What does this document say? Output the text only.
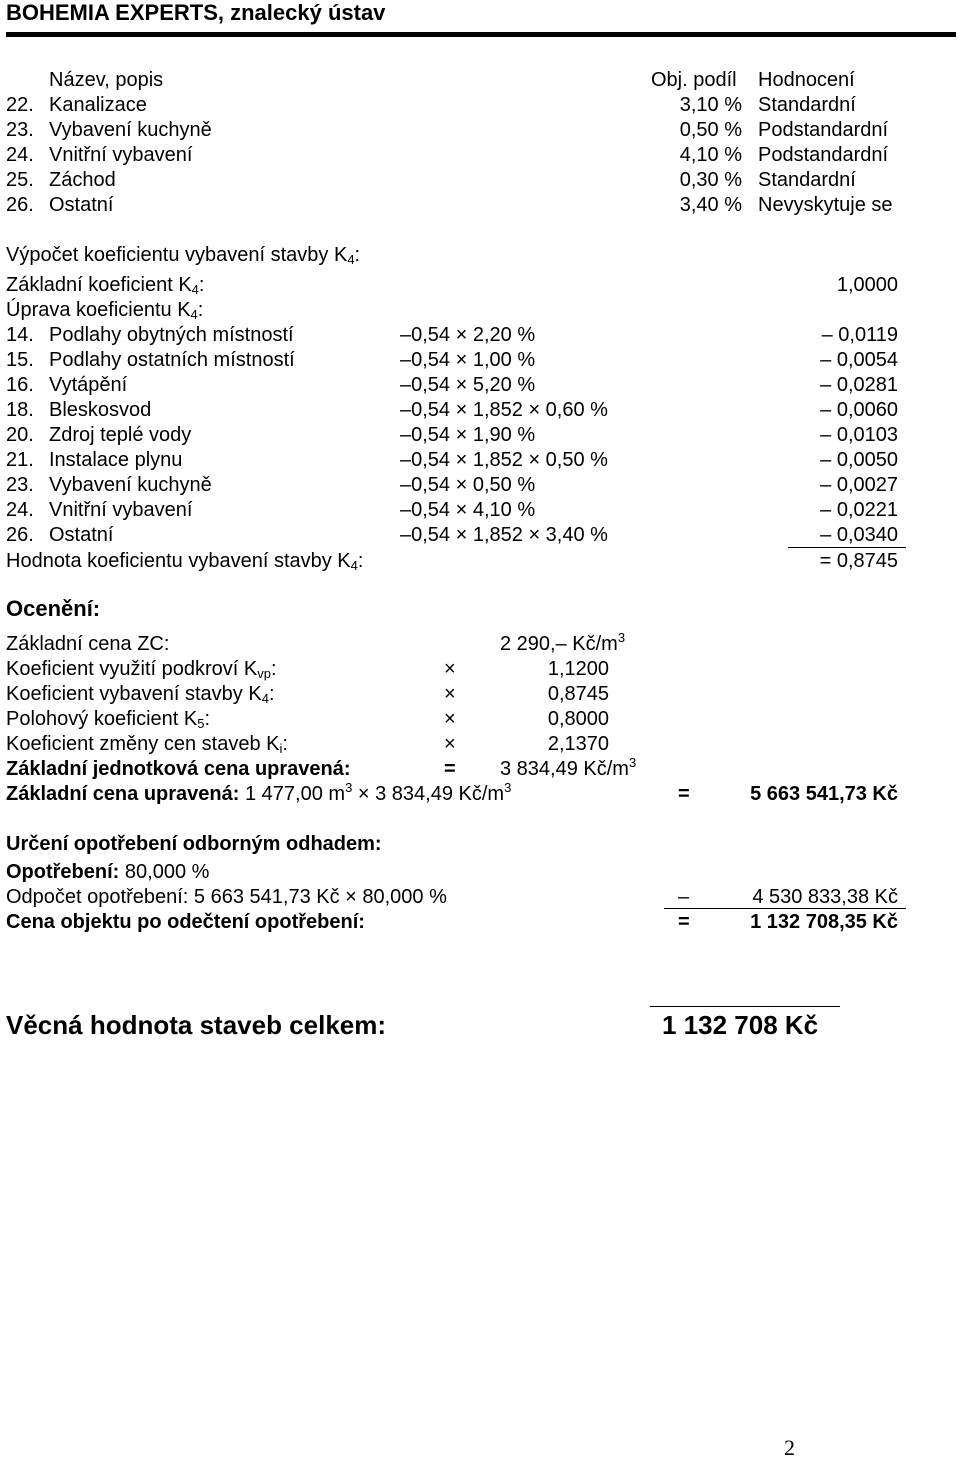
BOHEMIA EXPERTS, znalecký ústav
Název, popis	Obj. podíl Hodnocení
22. Kanalizace	3,10 % Standardní
23. Vybavení kuchyně	0,50 % Podstandardní
24. Vnitřní vybavení	4,10 % Podstandardní
25. Záchod	0,30 % Standardní
26. Ostatní	3,40 % Nevyskytuje se
Výpočet koeficientu vybavení stavby $K_4$:
Základní koeficient $K_4$:	1,0000
Úprava koeficientu $K_4$:
14. Podlahy obytných místností	–0,54 × 2,20 %	– 0,0119
15. Podlahy ostatních místností	–0,54 × 1,00 %	– 0,0054
16. Vytápění	–0,54 × 5,20 %	– 0,0281
18. Bleskosvod	–0,54 × 1,852 × 0,60 %	– 0,0060
20. Zdroj teplé vody	–0,54 × 1,90 %	– 0,0103
21. Instalace plynu	–0,54 × 1,852 × 0,50 %	– 0,0050
23. Vybavení kuchyně	–0,54 × 0,50 %	– 0,0027
24. Vnitřní vybavení	–0,54 × 4,10 %	– 0,0221
26. Ostatní	–0,54 × 1,852 × 3,40 %	– 0,0340
Hodnota koeficientu vybavení stavby $K_4$:	= 0,8745
Ocenění:
Základní cena ZC:	2 290,– $Kč/m^3$
Koeficient využití podkroví $K_{vp}$:	×	1,1200
Koeficient vybavení stavby $K_4$:	×	0,8745
Polohový koeficient $K_5$:	×	0,8000
Koeficient změny cen staveb $K_i$:	×	2,1370
Základní jednotková cena upravená:	= 3 834,49 $Kč/m^3$
Základní cena upravená: 1 477,00 $m^3 \times 3$ 834,49 $Kč/m^3$	=	5 663 541,73 Kč
Určení opotřebení odborným odhadem:
Opotřebení: 80,000 %
Odpočet opotřebení: 5 663 541,73 Kč × 80,000 %	–	4 530 833,38 Kč
Cena objektu po odečtení opotřebení:	=	1 132 708,35 Kč
Věcná hodnota staveb celkem:	1 132 708 Kč
2
